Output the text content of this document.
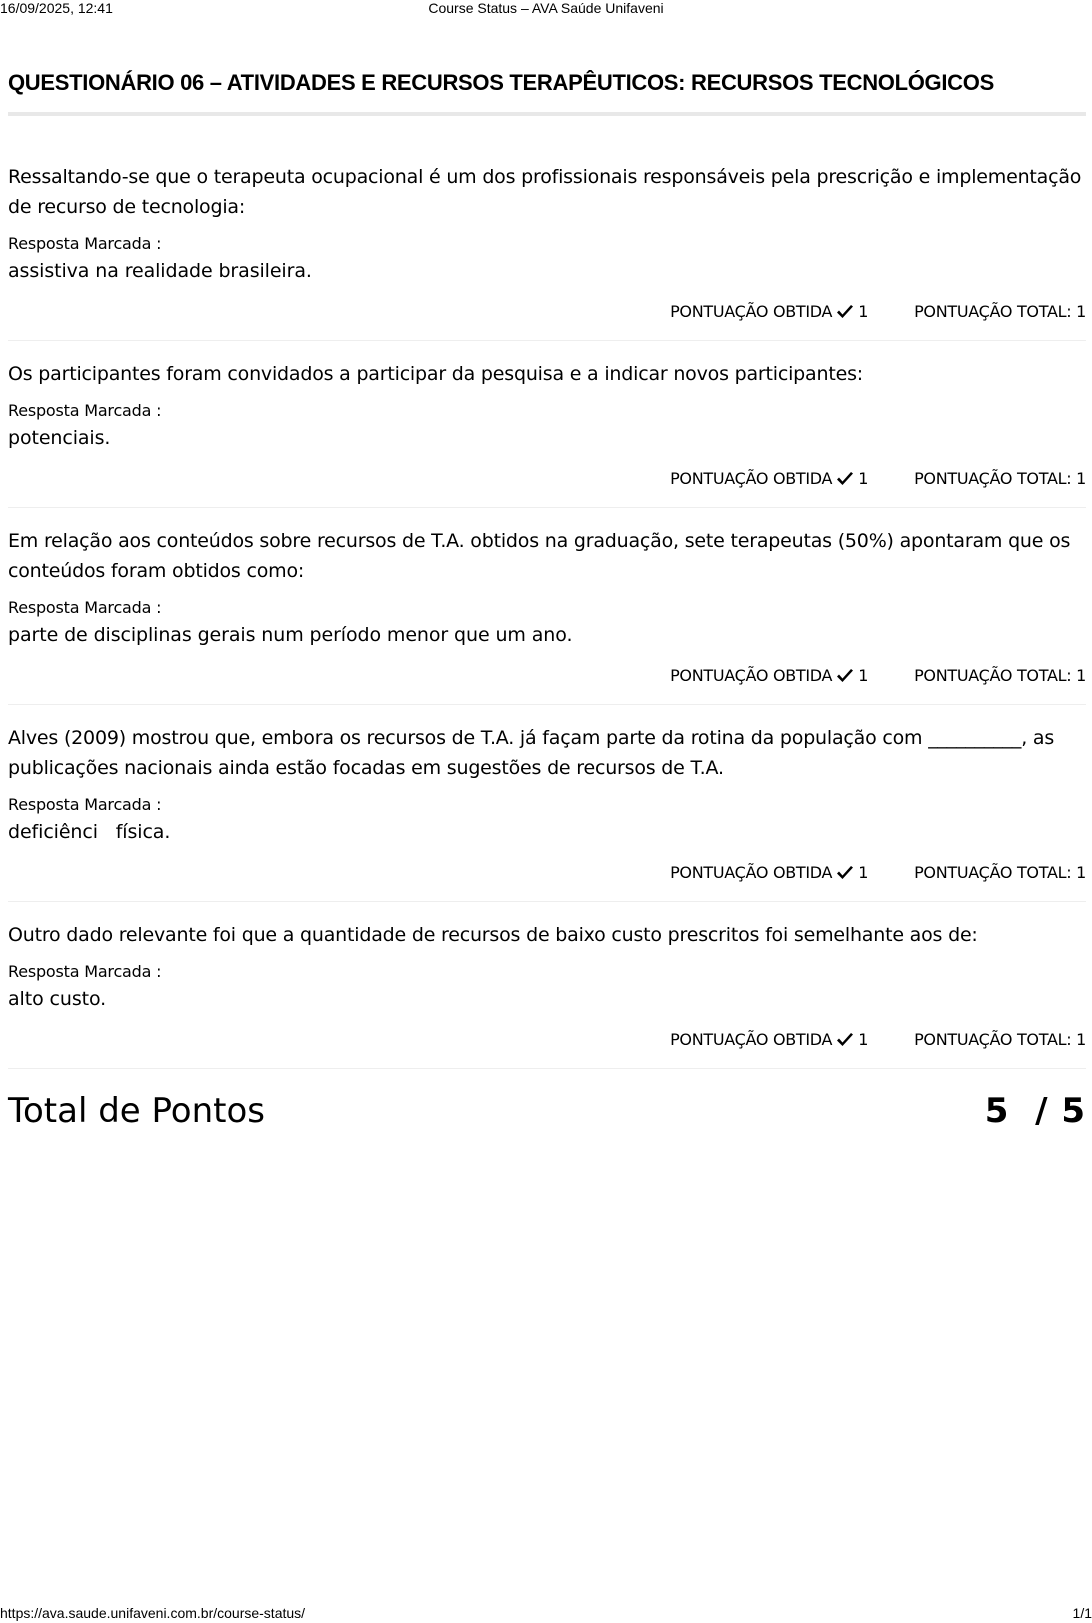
16/09/2025, 12:41	Course Status – AVA Saúde Unifaveni
QUESTIONÁRIO 06 – ATIVIDADES E RECURSOS TERAPÊUTICOS: RECURSOS TECNOLÓGICOS

Ressaltando-se que o terapeuta ocupacional é um dos profissionais responsáveis pela prescrição e implementação de recurso de tecnologia:

Resposta Marcada :
assistiva na realidade brasileira.
PONTUAÇÃO OBTIDA 1	PONTUAÇÃO TOTAL: 1

Os participantes foram convidados a participar da pesquisa e a indicar novos participantes:

Resposta Marcada :
potenciais.
PONTUAÇÃO OBTIDA 1	PONTUAÇÃO TOTAL: 1

Em relação aos conteúdos sobre recursos de T.A. obtidos na graduação, sete terapeutas (50%) apontaram que os conteúdos foram obtidos como:

Resposta Marcada :
parte de disciplinas gerais num período menor que um ano.
PONTUAÇÃO OBTIDA 1	PONTUAÇÃO TOTAL: 1

Alves (2009) mostrou que, embora os recursos de T.A. já façam parte da rotina da população com __________, as publicações nacionais ainda estão focadas em sugestões de recursos de T.A.

Resposta Marcada :
deficiênci   física.
PONTUAÇÃO OBTIDA 1	PONTUAÇÃO TOTAL: 1

Outro dado relevante foi que a quantidade de recursos de baixo custo prescritos foi semelhante aos de:

Resposta Marcada :
alto custo.
PONTUAÇÃO OBTIDA 1	PONTUAÇÃO TOTAL: 1
Total de Pontos	5  / 5
https://ava.saude.unifaveni.com.br/course-status/	1/1
